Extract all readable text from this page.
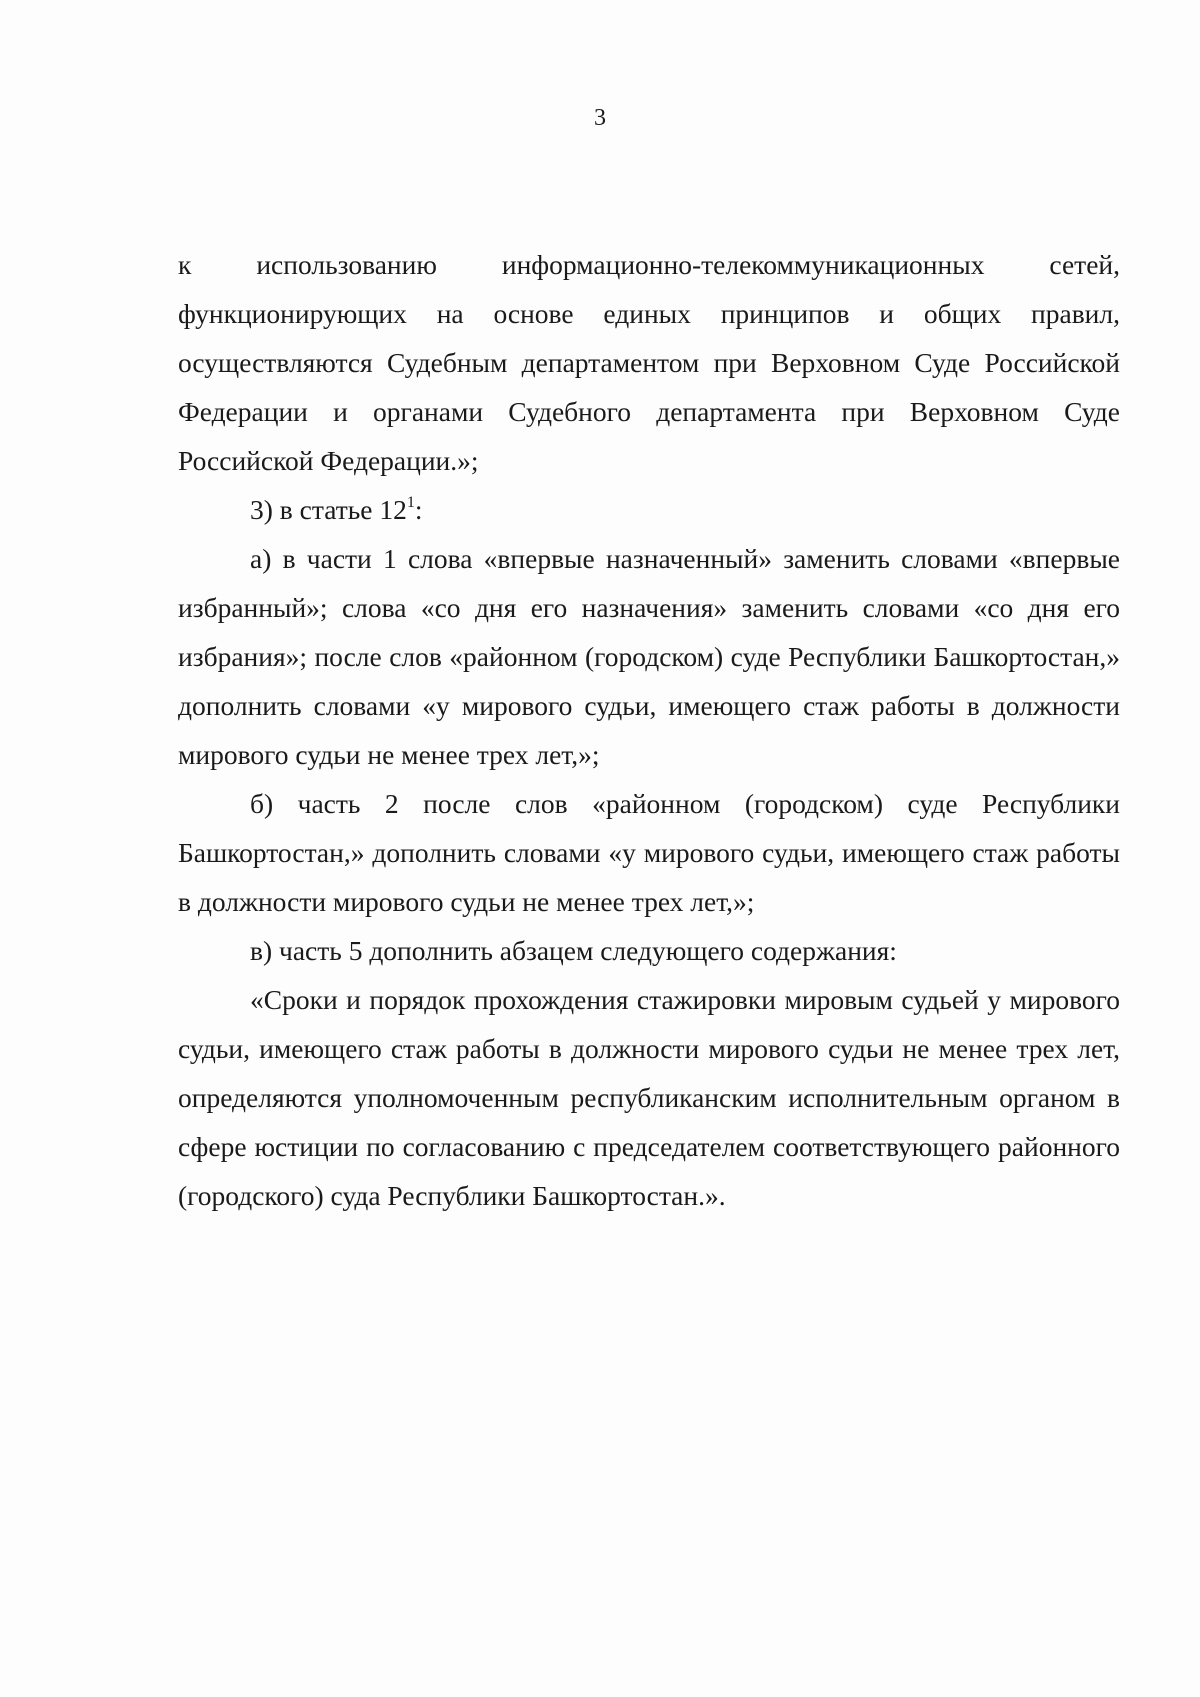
3

к использованию информационно-телекоммуникационных сетей, функционирующих на основе единых принципов и общих правил, осуществляются Судебным департаментом при Верховном Суде Российской Федерации и органами Судебного департамента при Верховном Суде Российской Федерации.»;

3) в статье $12^1$:

а) в части 1 слова «впервые назначенный» заменить словами «впервые избранный»; слова «со дня его назначения» заменить словами «со дня его избрания»; после слов «районном (городском) суде Республики Башкортостан,» дополнить словами «у мирового судьи, имеющего стаж работы в должности мирового судьи не менее трех лет,»;

б) часть 2 после слов «районном (городском) суде Республики Башкортостан,» дополнить словами «у мирового судьи, имеющего стаж работы в должности мирового судьи не менее трех лет,»;

в) часть 5 дополнить абзацем следующего содержания:

«Сроки и порядок прохождения стажировки мировым судьей у мирового судьи, имеющего стаж работы в должности мирового судьи не менее трех лет, определяются уполномоченным республиканским исполнительным органом в сфере юстиции по согласованию с председателем соответствующего районного (городского) суда Республики Башкортостан.».
